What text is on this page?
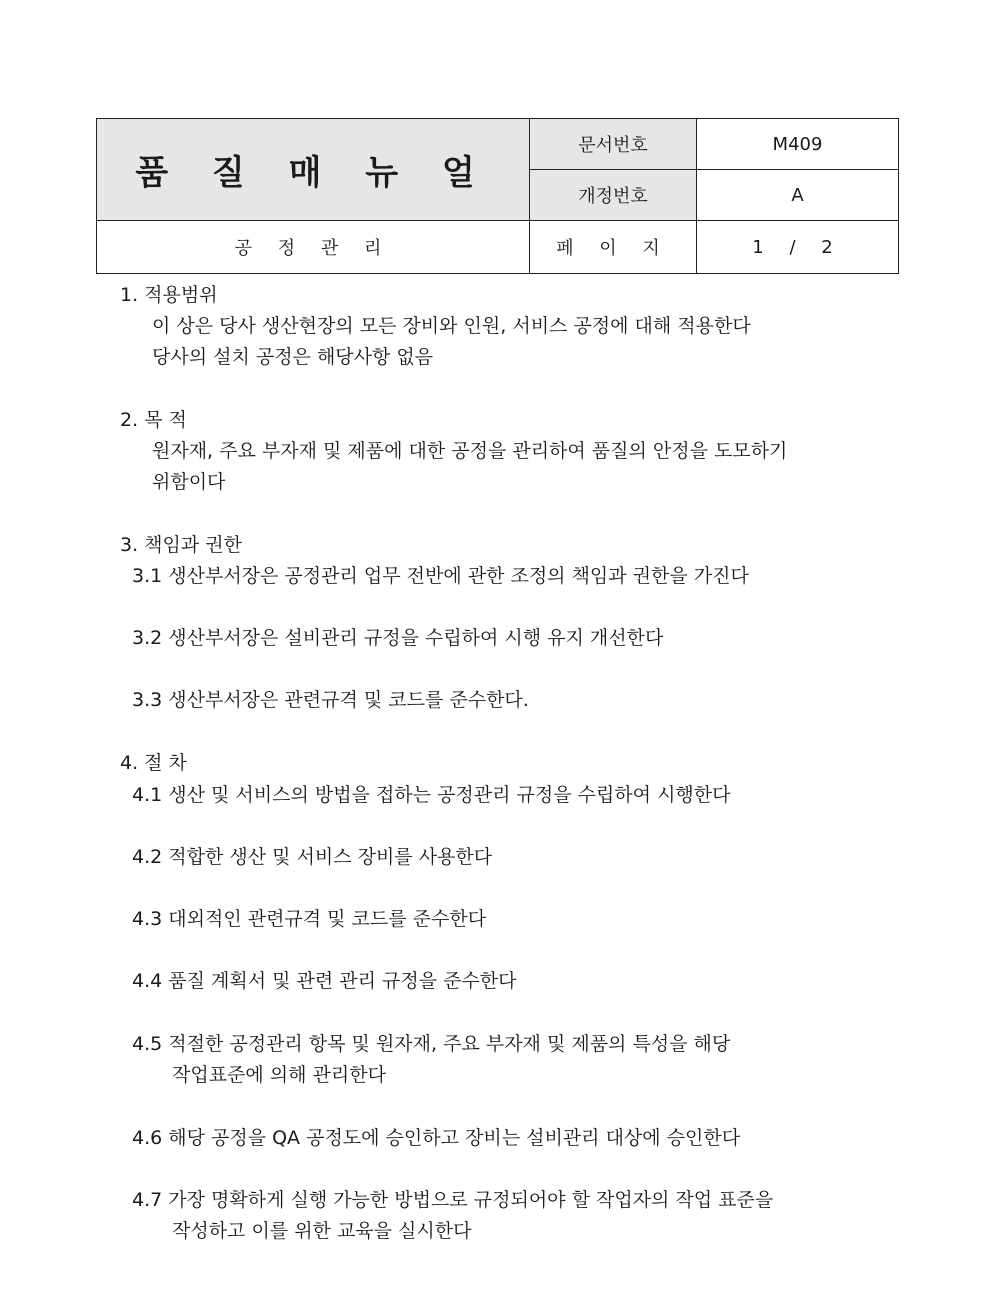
품 질 매 뉴 얼	문서번호	M409
	개정번호	A
공 정 관 리	페 이 지	1 / 2
1. 적용범위
이 상은 당사 생산현장의 모든 장비와 인원, 서비스 공정에 대해 적용한다
당사의 설치 공정은 해당사항 없음
2. 목 적
원자재, 주요 부자재 및 제품에 대한 공정을 관리하여 품질의 안정을 도모하기
위함이다
3. 책임과 권한
3.1 생산부서장은 공정관리 업무 전반에 관한 조정의 책임과 권한을 가진다
3.2 생산부서장은 설비관리 규정을 수립하여 시행 유지 개선한다
3.3 생산부서장은 관련규격 및 코드를 준수한다.
4. 절 차
4.1 생산 및 서비스의 방법을 접하는 공정관리 규정을 수립하여 시행한다
4.2 적합한 생산 및 서비스 장비를 사용한다
4.3 대외적인 관련규격 및 코드를 준수한다
4.4 품질 계획서 및 관련 관리 규정을 준수한다
4.5 적절한 공정관리 항목 및 원자재, 주요 부자재 및 제품의 특성을 해당
작업표준에 의해 관리한다
4.6 해당 공정을 QA 공정도에 승인하고 장비는 설비관리 대상에 승인한다
4.7 가장 명확하게 실행 가능한 방법으로 규정되어야 할 작업자의 작업 표준을
작성하고 이를 위한 교육을 실시한다
